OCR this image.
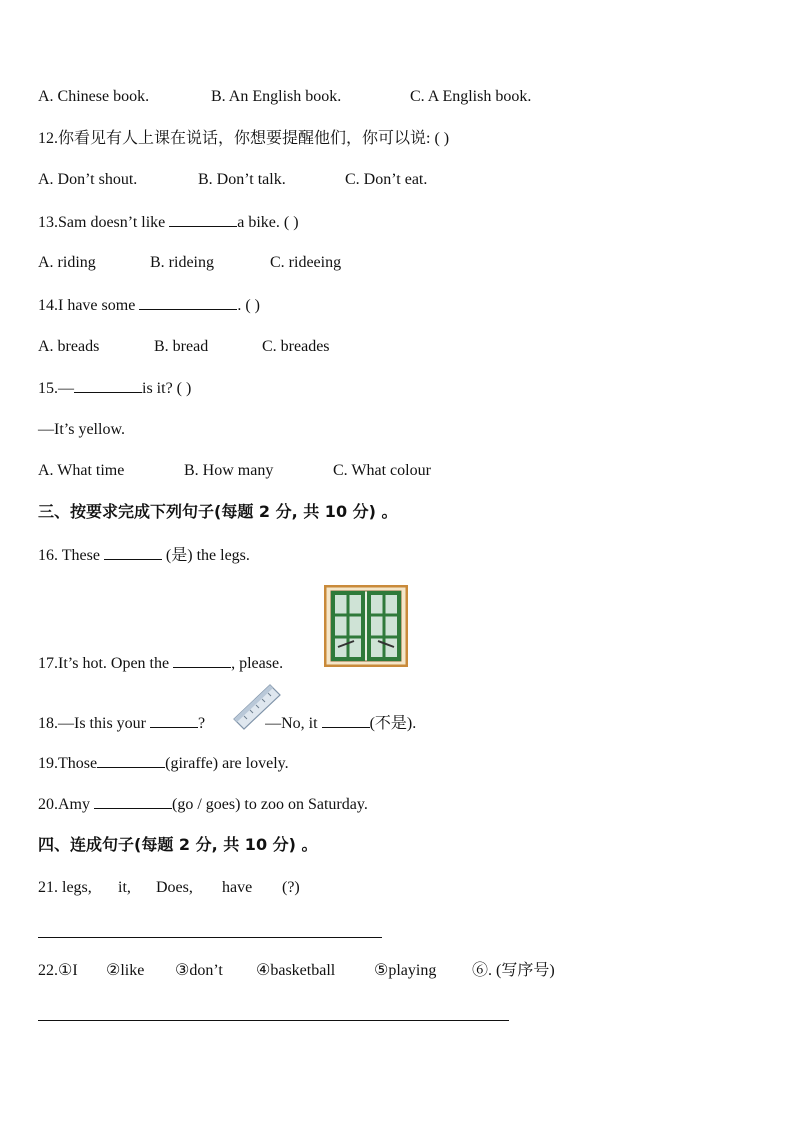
A. Chinese book.	B. An English book.	C. A English book.
12.你看见有人上课在说话，你想要提醒他们，你可以说: ( )
A. Don’t shout.	B. Don’t talk.	C. Don’t eat.
13.Sam doesn’t like	a bike. ( )
A. riding	B. rideing	C. rideeing
14.I have some	. ( )
A. breads	B. bread	C. breades
15.—	is it? ( )
—It’s yellow.
A. What time	B. How many	C. What colour
三、按要求完成下列句子(每题 2 分, 共 10 分) 。
16. These	(是) the legs.
17.It’s hot. Open the	, please.
18.—Is this your	?	—No, it	(不是).
19.Those	(giraffe) are lovely.
20.Amy	(go / goes) to zoo on Saturday.
四、连成句子(每题 2 分, 共 10 分) 。
21. legs, it, Does, have (?)
22.①I ②like ③don’t ④basketball ⑤playing ⑥. (写序号)
